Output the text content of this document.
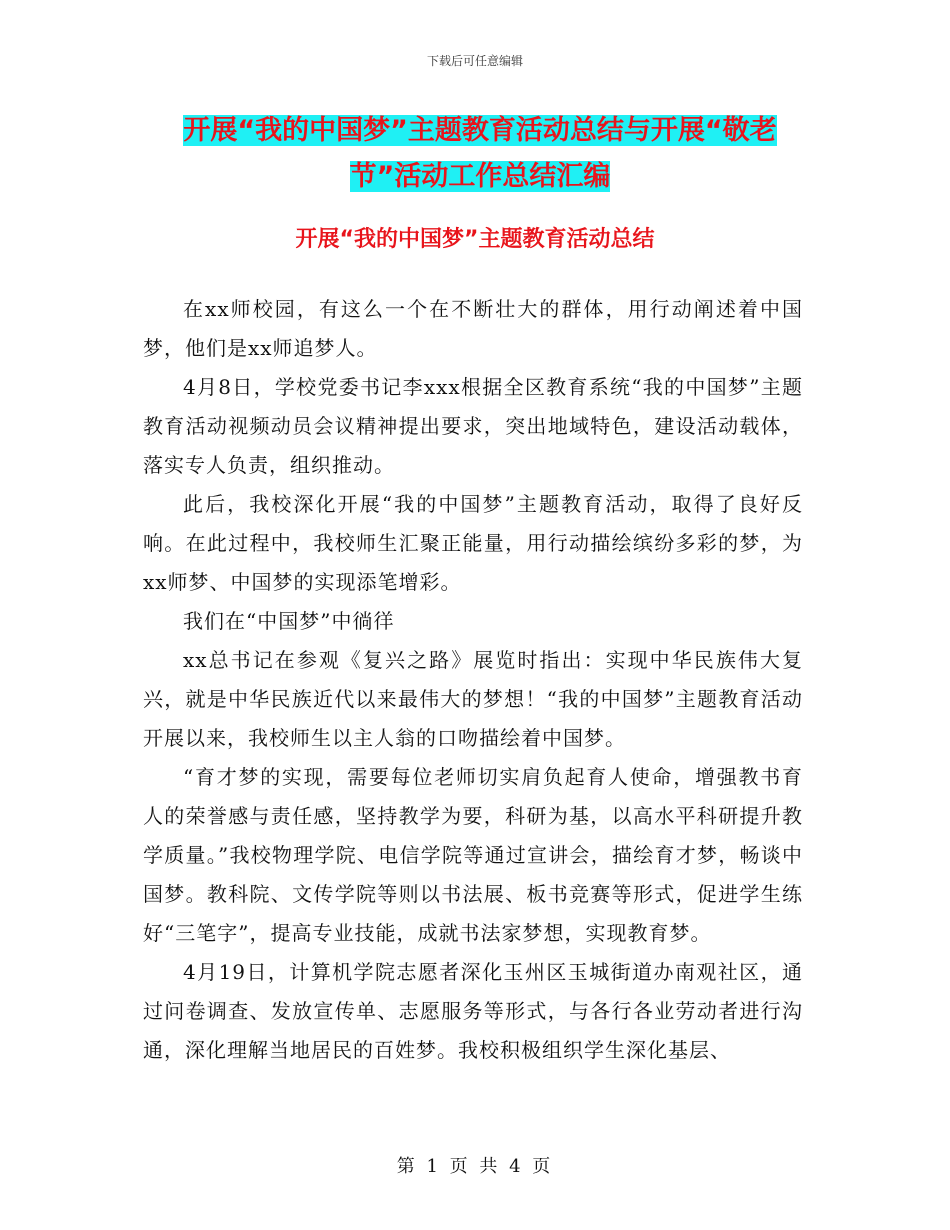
下载后可任意编辑
开展“我的中国梦”主题教育活动总结与开展“敬老
节”活动工作总结汇编
开展“我的中国梦”主题教育活动总结

在xx师校园，有这么一个在不断壮大的群体，用行动阐述着中国梦，他们是xx师追梦人。

4月8日，学校党委书记李xxx根据全区教育系统“我的中国梦”主题教育活动视频动员会议精神提出要求，突出地域特色，建设活动载体，落实专人负责，组织推动。

此后，我校深化开展“我的中国梦”主题教育活动，取得了良好反响。在此过程中，我校师生汇聚正能量，用行动描绘缤纷多彩的梦，为xx师梦、中国梦的实现添笔增彩。

我们在“中国梦”中徜徉

xx总书记在参观《复兴之路》展览时指出：实现中华民族伟大复兴，就是中华民族近代以来最伟大的梦想！“我的中国梦”主题教育活动开展以来，我校师生以主人翁的口吻描绘着中国梦。

“育才梦的实现，需要每位老师切实肩负起育人使命，增强教书育人的荣誉感与责任感，坚持教学为要，科研为基，以高水平科研提升教学质量。”我校物理学院、电信学院等通过宣讲会，描绘育才梦，畅谈中国梦。教科院、文传学院等则以书法展、板书竞赛等形式，促进学生练好“三笔字”，提高专业技能，成就书法家梦想，实现教育梦。

4月19日，计算机学院志愿者深化玉州区玉城街道办南观社区，通过问卷调查、发放宣传单、志愿服务等形式，与各行各业劳动者进行沟通，深化理解当地居民的百姓梦。我校积极组织学生深化基层、

第 1 页 共 4 页
